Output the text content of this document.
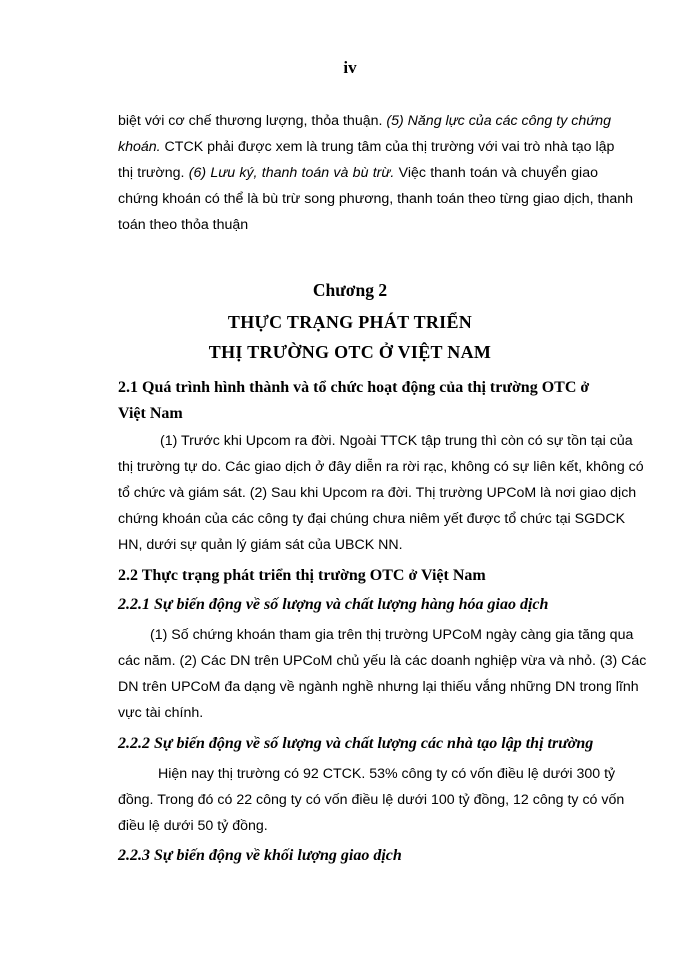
iv
biệt với cơ chế thương lượng, thỏa thuận. (5) Năng lực của các công ty chứng
khoán. CTCK phải được xem là trung tâm của thị trường với vai trò nhà tạo lập
thị trường. (6) Lưu ký, thanh toán và bù trừ. Việc thanh toán và chuyển giao
chứng khoán có thể là bù trừ song phương, thanh toán theo từng giao dịch, thanh
toán theo thỏa thuận
Chương 2
THỰC TRẠNG PHÁT TRIỂN
THỊ TRƯỜNG OTC Ở VIỆT NAM
2.1 Quá trình hình thành và tổ chức hoạt động của thị trường OTC ở
Việt Nam
(1) Trước khi Upcom ra đời. Ngoài TTCK tập trung thì còn có sự tồn tại của
thị trường tự do. Các giao dịch ở đây diễn ra rời rạc, không có sự liên kết, không có
tổ chức và giám sát. (2) Sau khi Upcom ra đời. Thị trường UPCoM là nơi giao dịch
chứng khoán của các công ty đại chúng chưa niêm yết được tổ chức tại SGDCK
HN, dưới sự quản lý giám sát của UBCK NN.
2.2 Thực trạng phát triển thị trường OTC ở Việt Nam
2.2.1 Sự biến động về số lượng và chất lượng hàng hóa giao dịch
(1) Số chứng khoán tham gia trên thị trường UPCoM ngày càng gia tăng qua
các năm. (2) Các DN trên UPCoM chủ yếu là các doanh nghiệp vừa và nhỏ. (3) Các
DN trên UPCoM đa dạng về ngành nghề nhưng lại thiếu vắng những DN trong lĩnh
vực tài chính.
2.2.2 Sự biến động về số lượng và chất lượng các nhà tạo lập thị trường
Hiện nay thị trường có 92 CTCK. 53% công ty có vốn điều lệ dưới 300 tỷ
đồng. Trong đó có 22 công ty có vốn điều lệ dưới 100 tỷ đồng, 12 công ty có vốn
điều lệ dưới 50 tỷ đồng.
2.2.3 Sự biến động về khối lượng giao dịch
